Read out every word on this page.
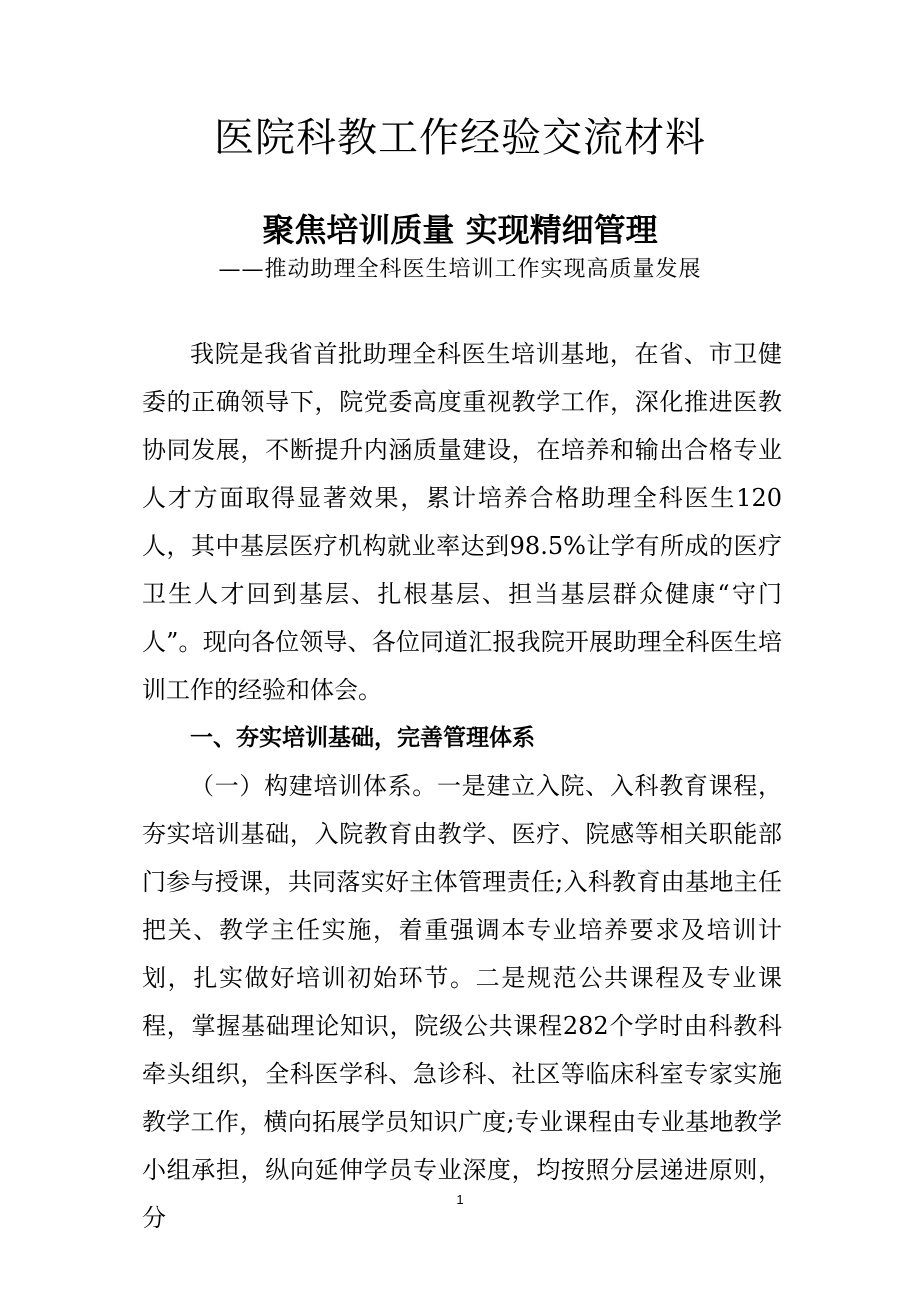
医院科教工作经验交流材料
聚焦培训质量 实现精细管理

——推动助理全科医生培训工作实现高质量发展

我院是我省首批助理全科医生培训基地，在省、市卫健委的正确领导下，院党委高度重视教学工作，深化推进医教协同发展，不断提升内涵质量建设，在培养和输出合格专业人才方面取得显著效果，累计培养合格助理全科医生120人，其中基层医疗机构就业率达到98.5%让学有所成的医疗卫生人才回到基层、扎根基层、担当基层群众健康“守门人”。现向各位领导、各位同道汇报我院开展助理全科医生培训工作的经验和体会。

一、夯实培训基础，完善管理体系

（一）构建培训体系。一是建立入院、入科教育课程，夯实培训基础，入院教育由教学、医疗、院感等相关职能部门参与授课，共同落实好主体管理责任;入科教育由基地主任把关、教学主任实施，着重强调本专业培养要求及培训计划，扎实做好培训初始环节。二是规范公共课程及专业课程，掌握基础理论知识，院级公共课程282个学时由科教科牵头组织，全科医学科、急诊科、社区等临床科室专家实施教学工作，横向拓展学员知识广度;专业课程由专业基地教学小组承担，纵向延伸学员专业深度，均按照分层递进原则，分

1
